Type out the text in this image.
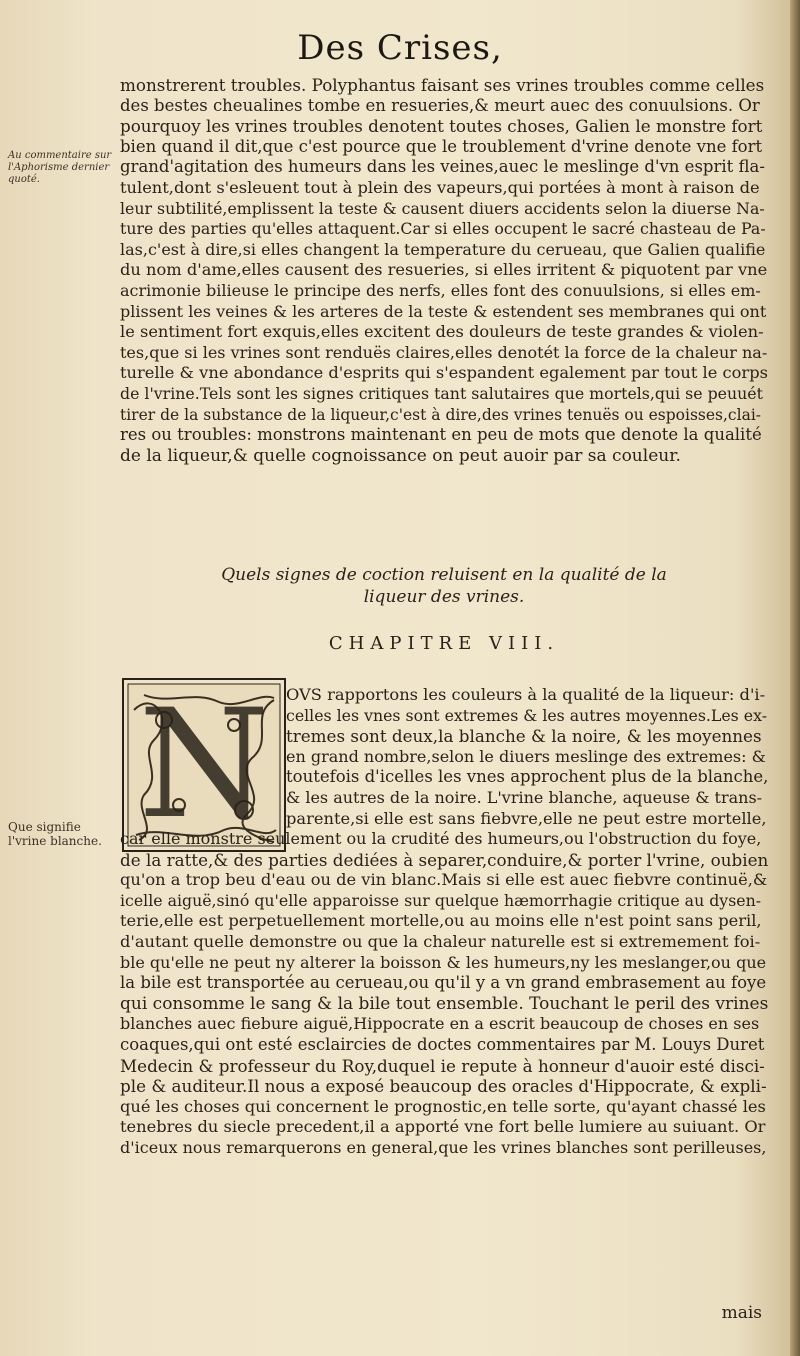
Des Crises,
Au commentaire sur l'Aphorisme dernier quoté.
monstrerent troubles. Polyphantus faisant ses vrines troubles comme celles
des bestes cheualines tombe en resueries,& meurt auec des conuulsions. Or
pourquoy les vrines troubles denotent toutes choses, Galien le monstre fort
bien quand il dit,que c'est pource que le troublement d'vrine denote vne fort
grand'agitation des humeurs dans les veines,auec le meslinge d'vn esprit fla-
tulent,dont s'esleuent tout à plein des vapeurs,qui portées à mont à raison de
leur subtilité,emplissent la teste & causent diuers accidents selon la diuerse Na-
ture des parties qu'elles attaquent.Car si elles occupent le sacré chasteau de Pa-
las,c'est à dire,si elles changent la temperature du cerueau, que Galien qualifie
du nom d'ame,elles causent des resueries, si elles irritent & piquotent par vne
acrimonie bilieuse le principe des nerfs, elles font des conuulsions, si elles em-
plissent les veines & les arteres de la teste & estendent ses membranes qui ont
le sentiment fort exquis,elles excitent des douleurs de teste grandes & violen-
tes,que si les vrines sont renduës claires,elles denotét la force de la chaleur na-
turelle & vne abondance d'esprits qui s'espandent egalement par tout le corps
de l'vrine.Tels sont les signes critiques tant salutaires que mortels,qui se peuuét
tirer de la substance de la liqueur,c'est à dire,des vrines tenuës ou espoisses,clai-
res ou troubles: monstrons maintenant en peu de mots que denote la qualité
de la liqueur,& quelle cognoissance on peut auoir par sa couleur.
Quels signes de coction reluisent en la qualité de la
liqueur des vrines.
CHAPITRE VIII.
N
Que signifie l'vrine blanche.
OVS rapportons les couleurs à la qualité de la liqueur: d'i-
celles les vnes sont extremes & les autres moyennes.Les ex-
tremes sont deux,la blanche & la noire, & les moyennes
en grand nombre,selon le diuers meslinge des extremes: &
toutefois d'icelles les vnes approchent plus de la blanche,
& les autres de la noire. L'vrine blanche, aqueuse & trans-
parente,si elle est sans fiebvre,elle ne peut estre mortelle,
car elle monstre seulement ou la crudité des humeurs,ou l'obstruction du foye,
de la ratte,& des parties dediées à separer,conduire,& porter l'vrine, oubien
qu'on a trop beu d'eau ou de vin blanc.Mais si elle est auec fiebvre continuë,&
icelle aiguë,sinó qu'elle apparoisse sur quelque hæmorrhagie critique au dysen-
terie,elle est perpetuellement mortelle,ou au moins elle n'est point sans peril,
d'autant quelle demonstre ou que la chaleur naturelle est si extremement foi-
ble qu'elle ne peut ny alterer la boisson & les humeurs,ny les meslanger,ou que
la bile est transportée au cerueau,ou qu'il y a vn grand embrasement au foye
qui consomme le sang & la bile tout ensemble. Touchant le peril des vrines
blanches auec fiebure aiguë,Hippocrate en a escrit beaucoup de choses en ses
coaques,qui ont esté esclaircies de doctes commentaires par M. Louys Duret
Medecin & professeur du Roy,duquel ie repute à honneur d'auoir esté disci-
ple & auditeur.Il nous a exposé beaucoup des oracles d'Hippocrate, & expli-
qué les choses qui concernent le prognostic,en telle sorte, qu'ayant chassé les
tenebres du siecle precedent,il a apporté vne fort belle lumiere au suiuant. Or
d'iceux nous remarquerons en general,que les vrines blanches sont perilleuses,
mais
